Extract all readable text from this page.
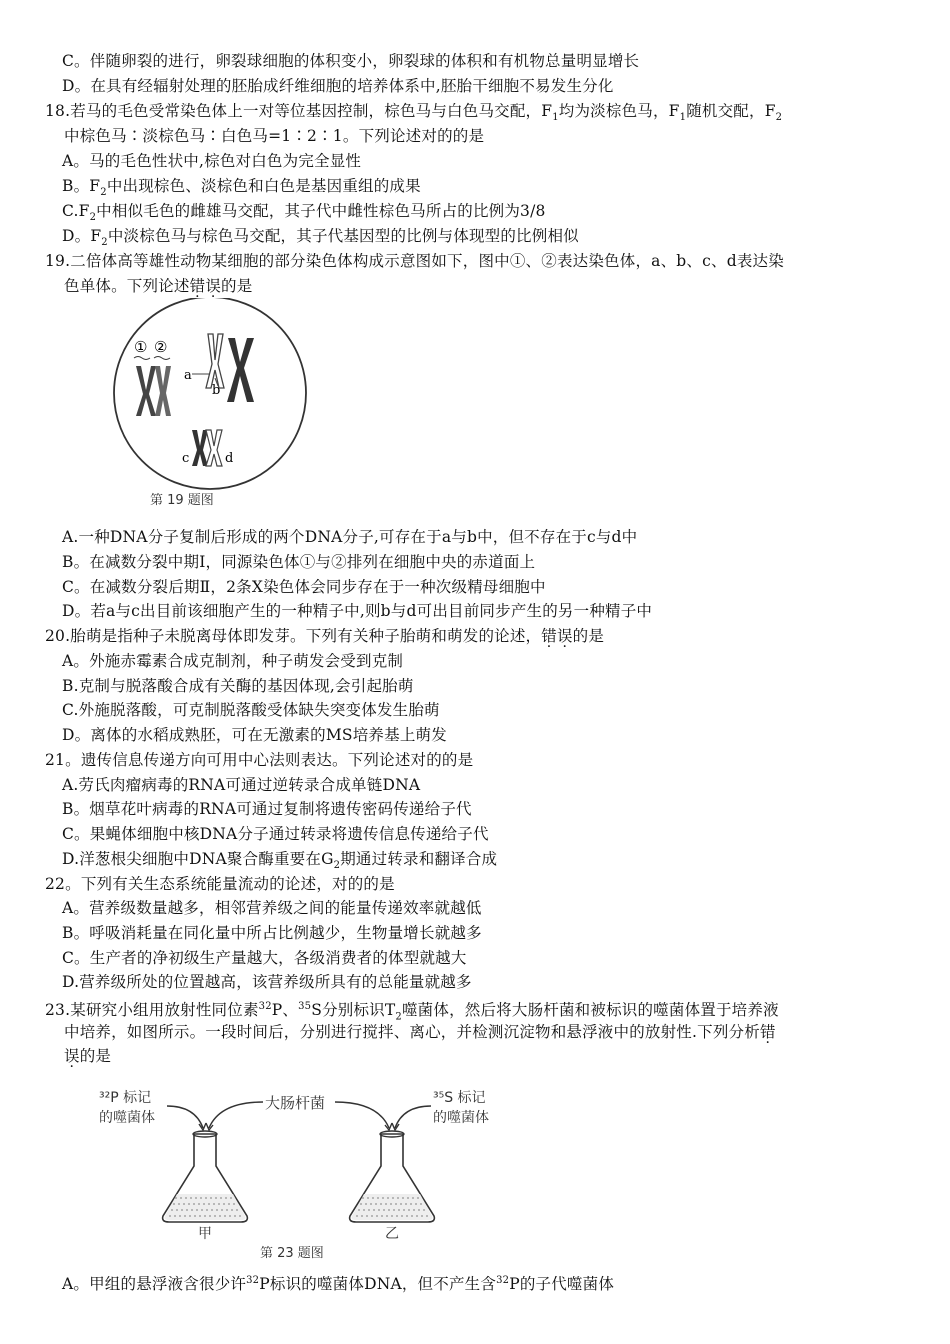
C。伴随卵裂的进行，卵裂球细胞的体积变小，卵裂球的体积和有机物总量明显增长
D。在具有经辐射处理的胚胎成纤维细胞的培养体系中,胚胎干细胞不易发生分化
18.若马的毛色受常染色体上一对等位基因控制，棕色马与白色马交配，$F_1$均为淡棕色马，$F_1$随机交配，$F_2$
中棕色马∶淡棕色马∶白色马=1∶2∶1。下列论述对的的是
A。马的毛色性状中,棕色对白色为完全显性
B。$F_2$中出现棕色、淡棕色和白色是基因重组的成果
$C.F_2$中相似毛色的雌雄马交配，其子代中雌性棕色马所占的比例为3/8
D。$F_2$中淡棕色马与棕色马交配，其子代基因型的比例与体现型的比例相似
19.二倍体高等雄性动物某细胞的部分染色体构成示意图如下，图中①、②表达染色体，a、b、c、d表达染
色单体。下列论述错误的是
① ②
a
b
c	d
第 19 题图
A.一种DNA分子复制后形成的两个DNA分子,可存在于a与b中，但不存在于c与d中
B。在减数分裂中期Ⅰ，同源染色体①与②排列在细胞中央的赤道面上
C。在减数分裂后期Ⅱ，2条X染色体会同步存在于一种次级精母细胞中
D。若a与c出目前该细胞产生的一种精子中,则b与d可出目前同步产生的另一种精子中
20.胎萌是指种子未脱离母体即发芽。下列有关种子胎萌和萌发的论述，错误的是
A。外施赤霉素合成克制剂，种子萌发会受到克制
B.克制与脱落酸合成有关酶的基因体现,会引起胎萌
C.外施脱落酸，可克制脱落酸受体缺失突变体发生胎萌
D。离体的水稻成熟胚，可在无激素的MS培养基上萌发
21。遗传信息传递方向可用中心法则表达。下列论述对的的是
A.劳氏肉瘤病毒的RNA可通过逆转录合成单链DNA
B。烟草花叶病毒的RNA可通过复制将遗传密码传递给子代
C。果蝇体细胞中核DNA分子通过转录将遗传信息传递给子代
D.洋葱根尖细胞中DNA聚合酶重要在$G_2$期通过转录和翻译合成
22。下列有关生态系统能量流动的论述，对的的是
A。营养级数量越多，相邻营养级之间的能量传递效率就越低
B。呼吸消耗量在同化量中所占比例越少，生物量增长就越多
C。生产者的净初级生产量越大，各级消费者的体型就越大
D.营养级所处的位置越高，该营养级所具有的总能量就越多
23.某研究小组用放射性同位素$^{32}$P、$^{35}$S分别标识$T_2$噬菌体，然后将大肠杆菌和被标识的噬菌体置于培养液
中培养，如图所示。一段时间后，分别进行搅拌、离心，并检测沉淀物和悬浮液中的放射性.下列分析错
误的是
³²P 标记
的噬菌体
大肠杆菌	³⁵S 标记
的噬菌体
甲	乙
第 23 题图
A。甲组的悬浮液含很少许$^{32}$P标识的噬菌体DNA，但不产生含$^{32}$P的子代噬菌体
